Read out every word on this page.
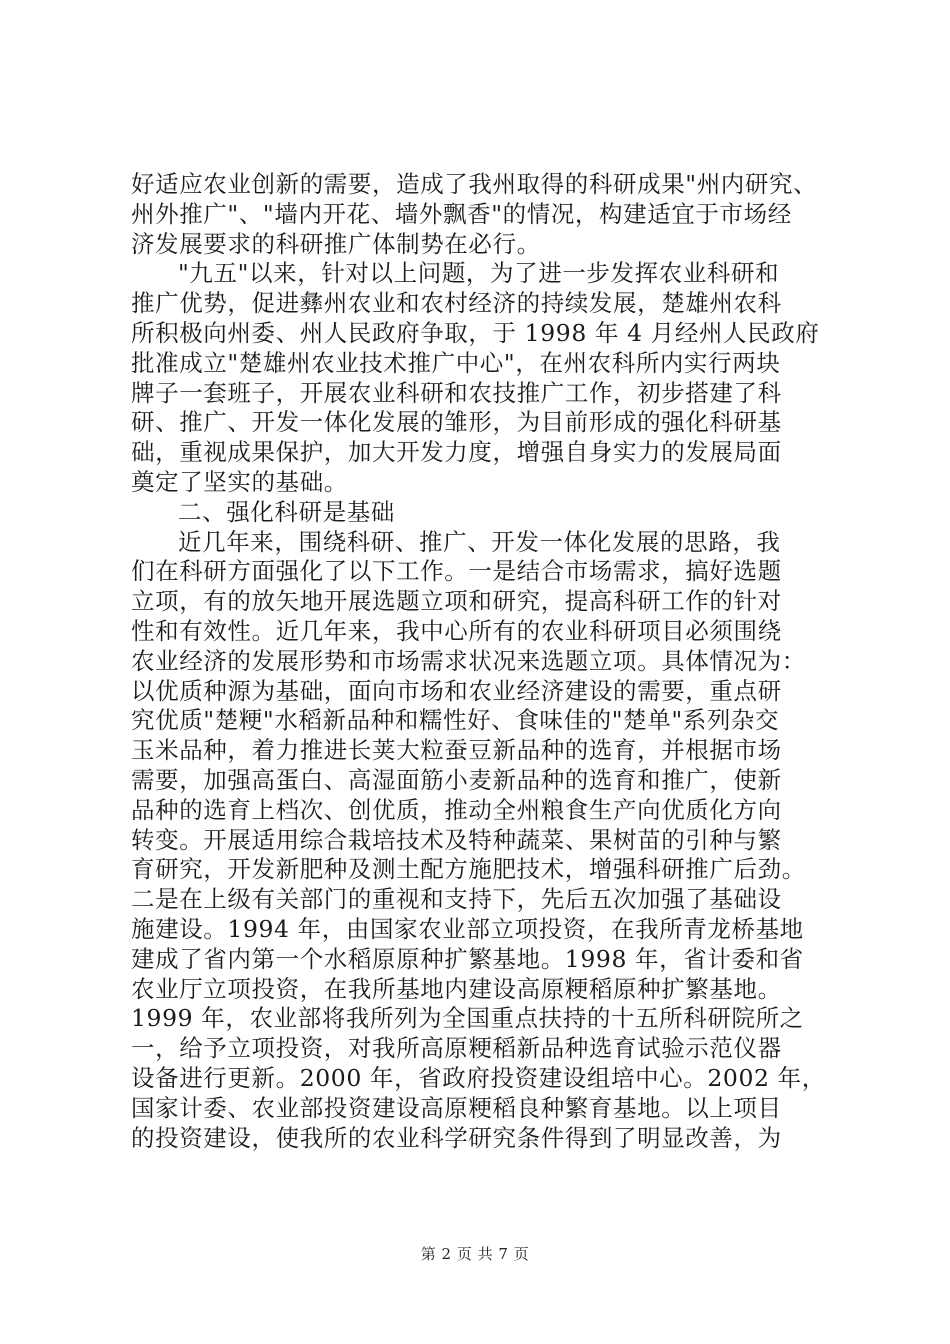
好适应农业创新的需要，造成了我州取得的科研成果"州内研究、
州外推广"、"墙内开花、墙外飘香"的情况，构建适宜于市场经
济发展要求的科研推广体制势在必行。
"九五"以来，针对以上问题，为了进一步发挥农业科研和
推广优势，促进彝州农业和农村经济的持续发展，楚雄州农科
所积极向州委、州人民政府争取，于 1998 年 4 月经州人民政府
批准成立"楚雄州农业技术推广中心"，在州农科所内实行两块
牌子一套班子，开展农业科研和农技推广工作，初步搭建了科
研、推广、开发一体化发展的雏形，为目前形成的强化科研基
础，重视成果保护，加大开发力度，增强自身实力的发展局面
奠定了坚实的基础。
二、强化科研是基础
近几年来，围绕科研、推广、开发一体化发展的思路，我
们在科研方面强化了以下工作。一是结合市场需求，搞好选题
立项，有的放矢地开展选题立项和研究，提高科研工作的针对
性和有效性。近几年来，我中心所有的农业科研项目必须围绕
农业经济的发展形势和市场需求状况来选题立项。具体情况为：
以优质种源为基础，面向市场和农业经济建设的需要，重点研
究优质"楚粳"水稻新品种和糯性好、食味佳的"楚单"系列杂交
玉米品种，着力推进长荚大粒蚕豆新品种的选育，并根据市场
需要，加强高蛋白、高湿面筋小麦新品种的选育和推广，使新
品种的选育上档次、创优质，推动全州粮食生产向优质化方向
转变。开展适用综合栽培技术及特种蔬菜、果树苗的引种与繁
育研究，开发新肥种及测土配方施肥技术，增强科研推广后劲。
二是在上级有关部门的重视和支持下，先后五次加强了基础设
施建设。1994 年，由国家农业部立项投资，在我所青龙桥基地
建成了省内第一个水稻原原种扩繁基地。1998 年，省计委和省
农业厅立项投资，在我所基地内建设高原粳稻原种扩繁基地。
1999 年，农业部将我所列为全国重点扶持的十五所科研院所之
一，给予立项投资，对我所高原粳稻新品种选育试验示范仪器
设备进行更新。2000 年，省政府投资建设组培中心。2002 年，
国家计委、农业部投资建设高原粳稻良种繁育基地。以上项目
的投资建设，使我所的农业科学研究条件得到了明显改善，为
第 2 页 共 7 页
